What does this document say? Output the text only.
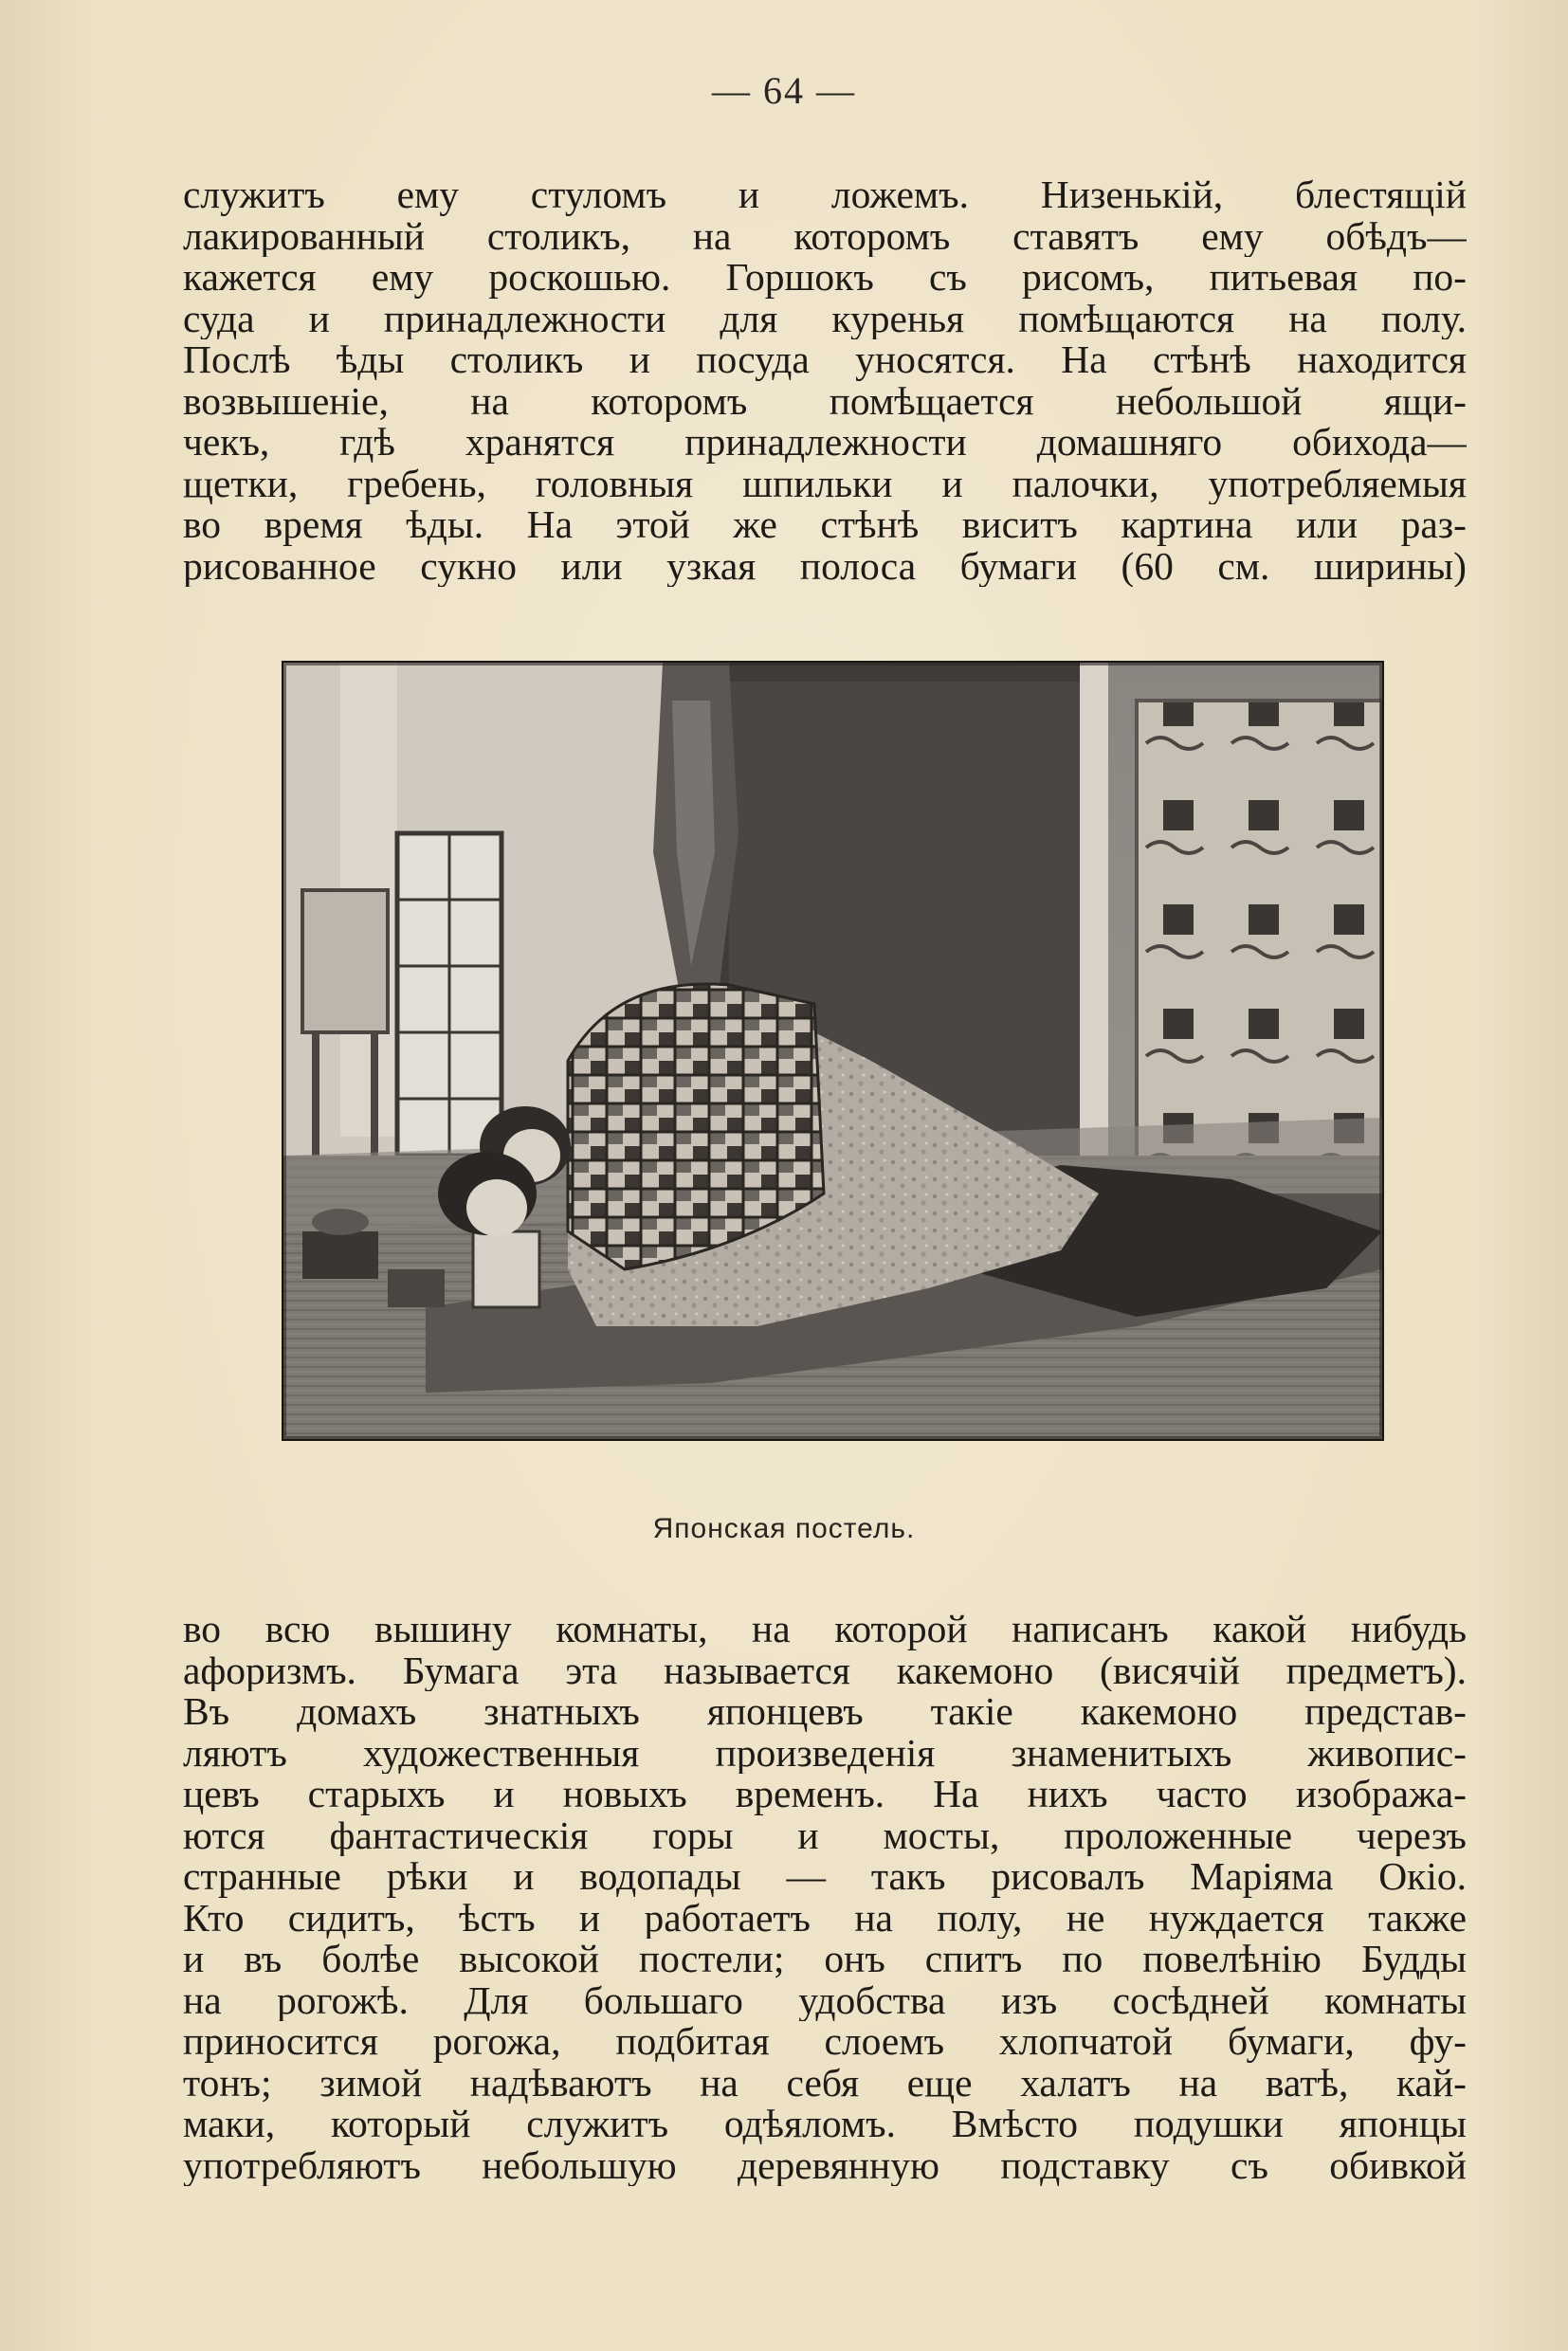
— 64 —
служитъ ему стуломъ и ложемъ. Низенькій, блестящій
лакированный столикъ, на которомъ ставятъ ему обѣдъ—
кажется ему роскошью. Горшокъ съ рисомъ, питьевая по-
суда и принадлежности для куренья помѣщаются на полу.
Послѣ ѣды столикъ и посуда уносятся. На стѣнѣ находится
возвышеніе, на которомъ помѣщается небольшой ящи-
чекъ, гдѣ хранятся принадлежности домашняго обихода—
щетки, гребень, головныя шпильки и палочки, употребляемыя
во время ѣды. На этой же стѣнѣ виситъ картина или раз-
рисованное сукно или узкая полоса бумаги (60 см. ширины)
Японская постель.
во всю вышину комнаты, на которой написанъ какой нибудь
афоризмъ. Бумага эта называется какемоно (висячій предметъ).
Въ домахъ знатныхъ японцевъ такіе какемоно представ-
ляютъ художественныя произведенія знаменитыхъ живопис-
цевъ старыхъ и новыхъ временъ. На нихъ часто изобража-
ются фантастическія горы и мосты, проложенные черезъ
странные рѣки и водопады — такъ рисовалъ Маріяма Окіо.
Кто сидитъ, ѣстъ и работаетъ на полу, не нуждается также
и въ болѣе высокой постели; онъ спитъ по повелѣнію Будды
на рогожѣ. Для большаго удобства изъ сосѣдней комнаты
приносится рогожа, подбитая слоемъ хлопчатой бумаги, фу-
тонъ; зимой надѣваютъ на себя еще халатъ на ватѣ, кай-
маки, который служитъ одѣяломъ. Вмѣсто подушки японцы
употребляютъ небольшую деревянную подставку съ обивкой
